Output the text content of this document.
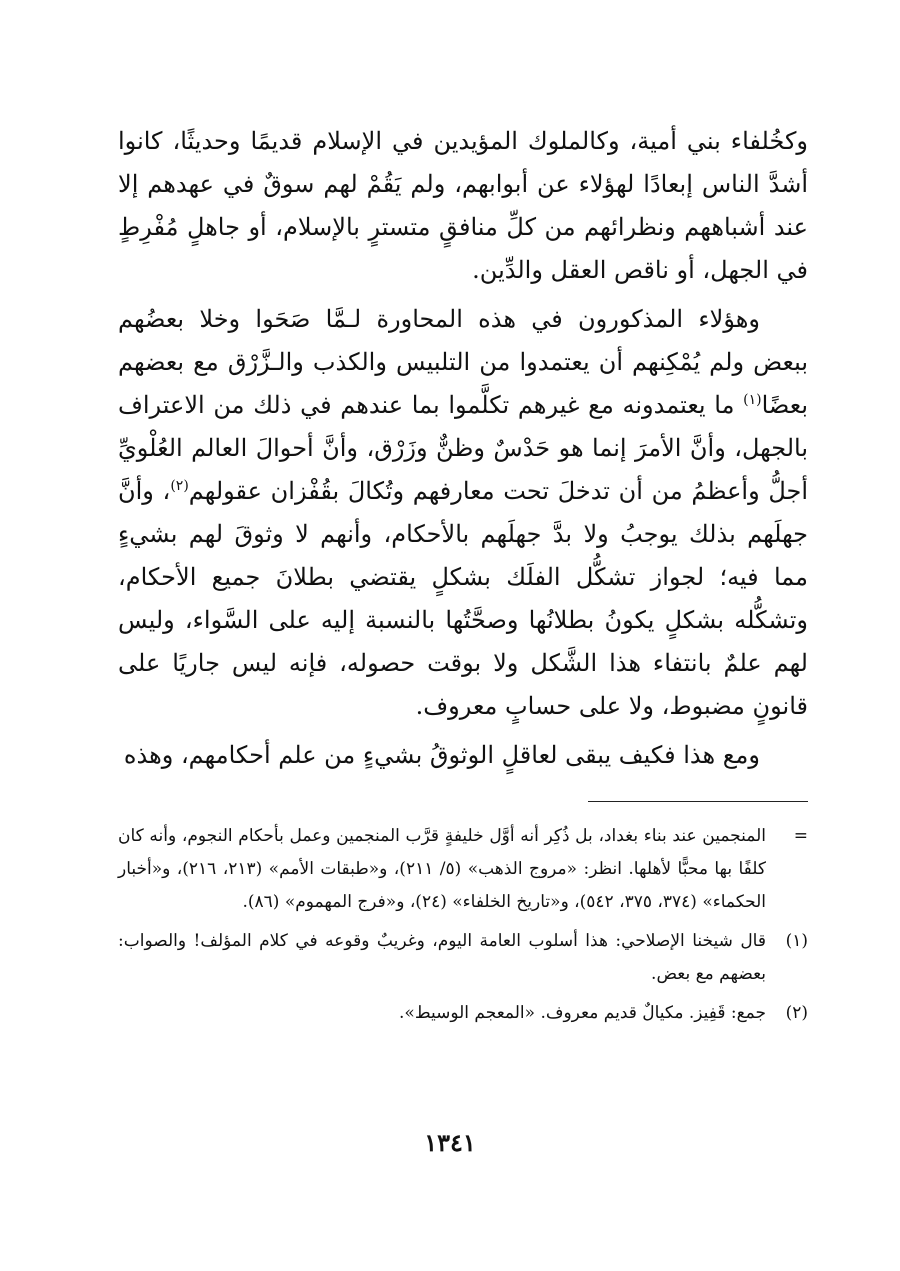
وكخُلفاء بني أمية، وكالملوك المؤيدين في الإسلام قديمًا وحديثًا، كانوا أشدَّ الناس إبعادًا لهؤلاء عن أبوابهم، ولم يَقُمْ لهم سوقٌ في عهدهم إلا عند أشباههم ونظرائهم من كلِّ منافقٍ متسترٍ بالإسلام، أو جاهلٍ مُفْرِطٍ في الجهل، أو ناقص العقل والدِّين.

وهؤلاء المذكورون في هذه المحاورة لـمَّا صَحَوا وخلا بعضُهم ببعض ولم يُمْكِنهم أن يعتمدوا من التلبيس والكذب والـزَّرْق مع بعضهم بعضًا$^{(١)}$ ما يعتمدونه مع غيرهم تكلَّموا بما عندهم في ذلك من الاعتراف بالجهل، وأنَّ الأمرَ إنما هو حَدْسٌ وظنٌّ وزَرْق، وأنَّ أحوالَ العالم العُلْويِّ أجلُّ وأعظمُ من أن تدخلَ تحت معارفهم وتُكالَ بقُفْزان عقولهم$^{(٢)}$، وأنَّ جهلَهم بذلك يوجبُ ولا بدَّ جهلَهم بالأحكام، وأنهم لا وثوقَ لهم بشيءٍ مما فيه؛ لجواز تشكُّل الفلَك بشكلٍ يقتضي بطلانَ جميع الأحكام، وتشكُّله بشكلٍ يكونُ بطلانُها وصحَّتُها بالنسبة إليه على السَّواء، وليس لهم علمٌ بانتفاء هذا الشَّكل ولا بوقت حصوله، فإنه ليس جاريًا على قانونٍ مضبوط، ولا على حسابٍ معروف.

ومع هذا فكيف يبقى لعاقلٍ الوثوقُ بشيءٍ من علم أحكامهم، وهذه

=
المنجمين عند بناء بغداد، بل ذُكِر أنه أوَّل خليفةٍ قرَّب المنجمين وعمل بأحكام النجوم، وأنه كان كلفًا بها محبًّا لأهلها. انظر: «مروج الذهب» (٥/ ٢١١)، و«طبقات الأمم» (٢١٣، ٢١٦)، و«أخبار الحكماء» (٣٧٤، ٣٧٥، ٥٤٢)، و«تاريخ الخلفاء» (٢٤)، و«فرج المهموم» (٨٦).
(١)
قال شيخنا الإصلاحي: هذا أسلوب العامة اليوم، وغريبٌ وقوعه في كلام المؤلف! والصواب: بعضهم مع بعض.
(٢)
جمع: قَفِيز. مكيالٌ قديم معروف. «المعجم الوسيط».
١٣٤١
